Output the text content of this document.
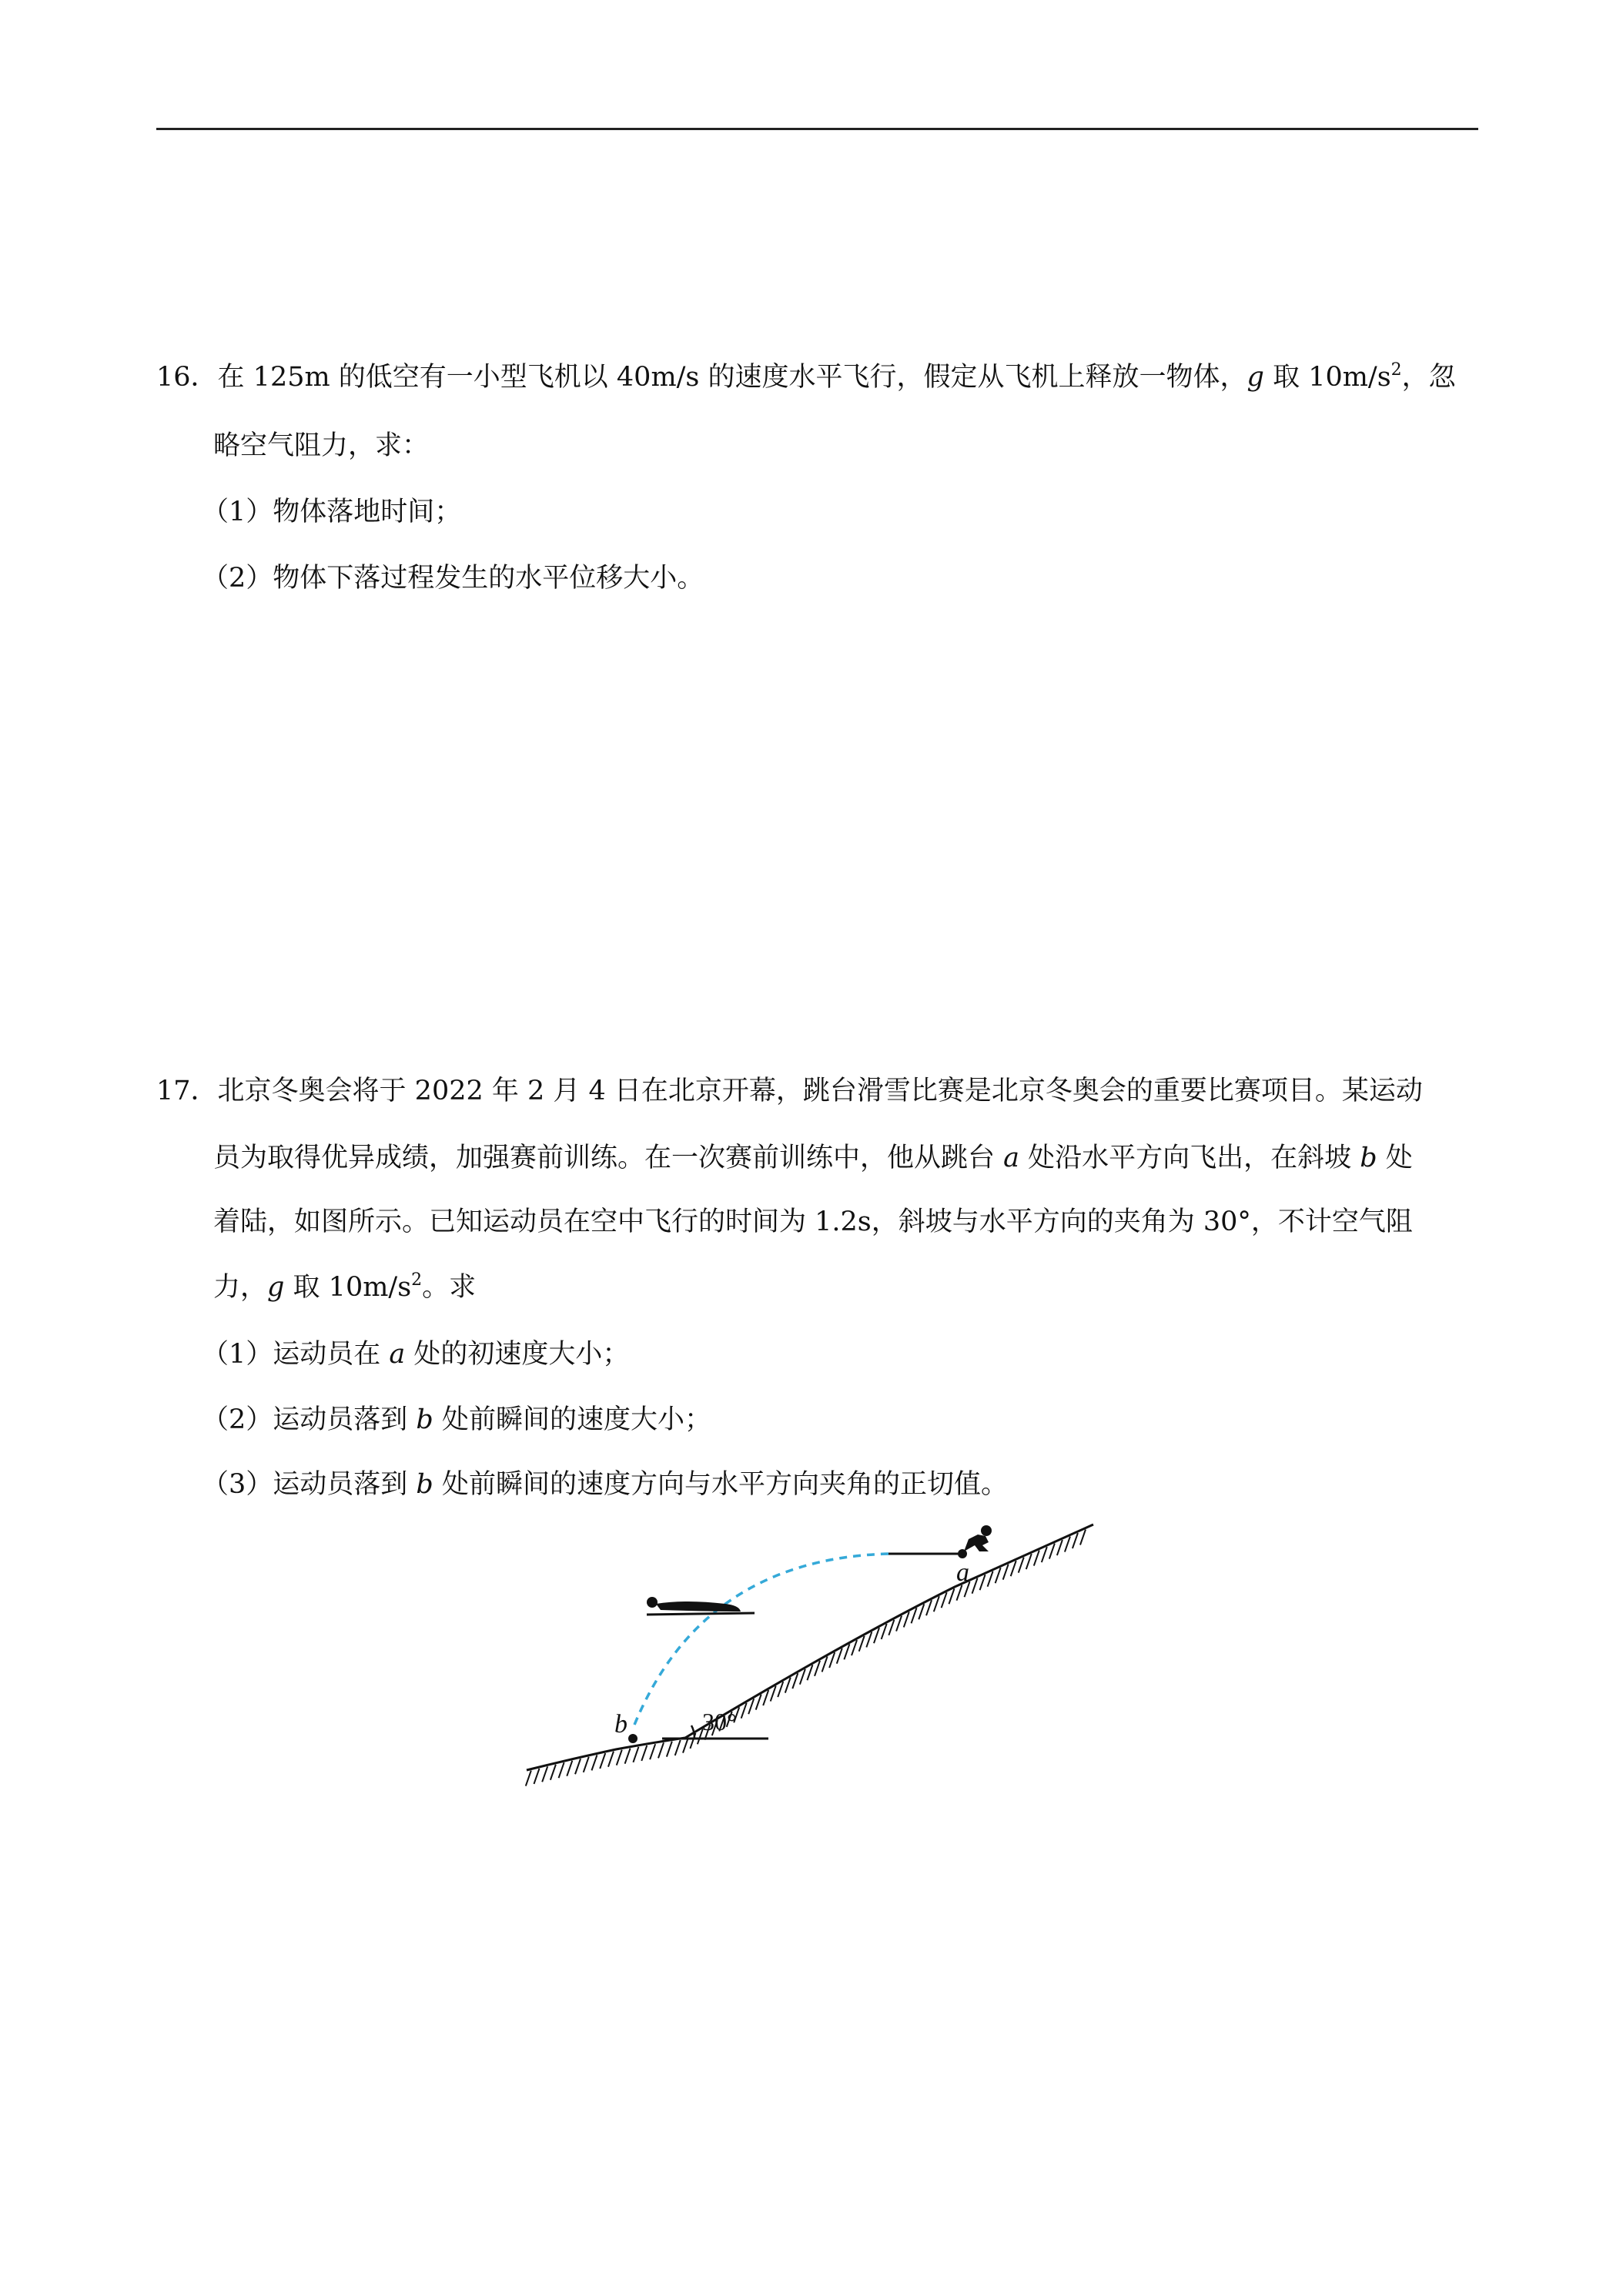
16．在 125m 的低空有一小型飞机以 40m/s 的速度水平飞行，假定从飞机上释放一物体，g 取 $10m/s^2$，忽
略空气阻力，求：
（1）物体落地时间；
（2）物体下落过程发生的水平位移大小。
17．北京冬奥会将于 2022 年 2 月 4 日在北京开幕，跳台滑雪比赛是北京冬奥会的重要比赛项目。某运动
员为取得优异成绩，加强赛前训练。在一次赛前训练中，他从跳台 a 处沿水平方向飞出，在斜坡 b 处
着陆，如图所示。已知运动员在空中飞行的时间为 1.2s，斜坡与水平方向的夹角为 30°，不计空气阻
力，g 取 $10m/s^2$。求
（1）运动员在 a 处的初速度大小；
（2）运动员落到 b 处前瞬间的速度大小；
（3）运动员落到 b 处前瞬间的速度方向与水平方向夹角的正切值。
a
b	30°
